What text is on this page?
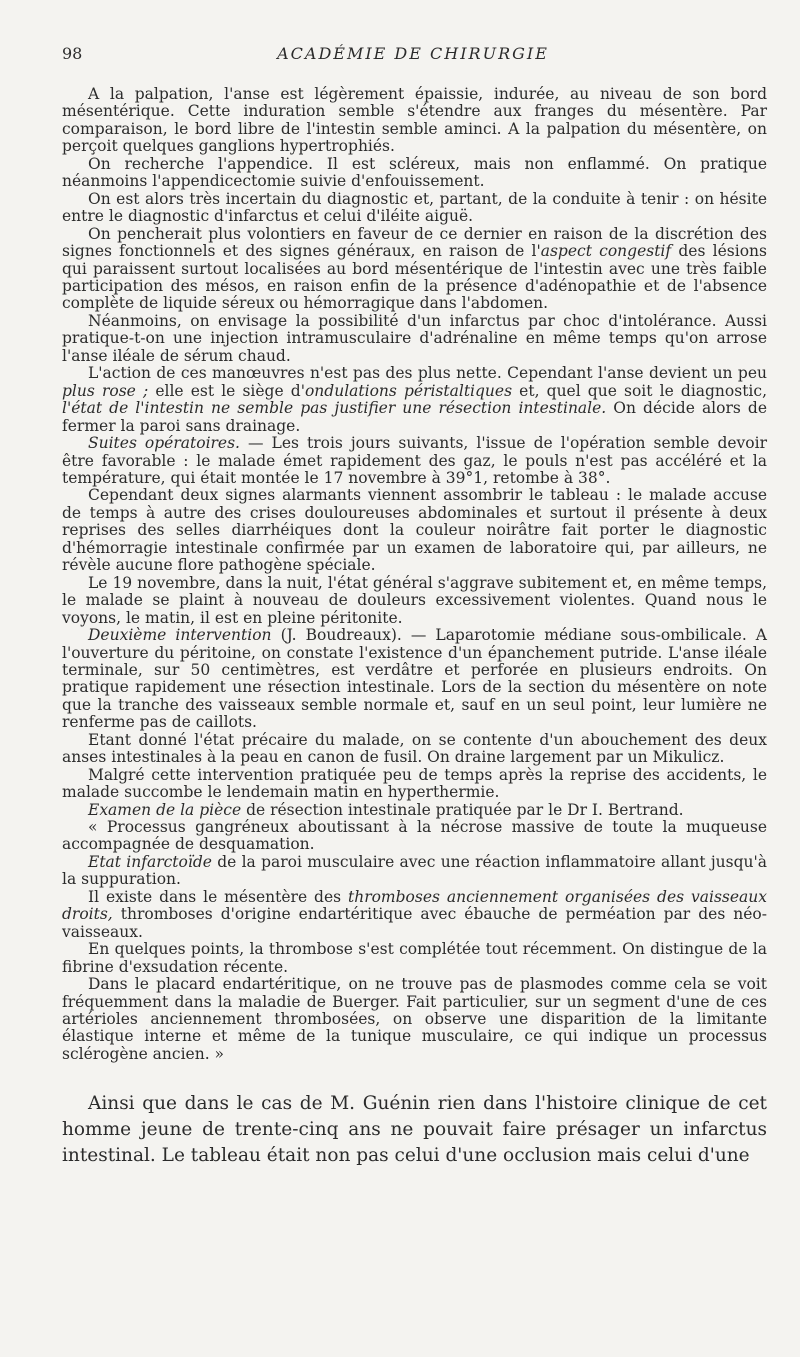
98	ACADÉMIE DE CHIRURGIE

A la palpation, l'anse est légèrement épaissie, indurée, au niveau de son bord mésentérique. Cette induration semble s'étendre aux franges du mésentère. Par comparaison, le bord libre de l'intestin semble aminci. A la palpation du mésentère, on perçoit quelques ganglions hypertrophiés.

On recherche l'appendice. Il est scléreux, mais non enflammé. On pratique néanmoins l'appendicectomie suivie d'enfouissement.

On est alors très incertain du diagnostic et, partant, de la conduite à tenir : on hésite entre le diagnostic d'infarctus et celui d'iléite aiguë.

On pencherait plus volontiers en faveur de ce dernier en raison de la discrétion des signes fonctionnels et des signes généraux, en raison de l'aspect congestif des lésions qui paraissent surtout localisées au bord mésentérique de l'intestin avec une très faible participation des mésos, en raison enfin de la présence d'adénopathie et de l'absence complète de liquide séreux ou hémorragique dans l'abdomen.

Néanmoins, on envisage la possibilité d'un infarctus par choc d'intolérance. Aussi pratique-t-on une injection intramusculaire d'adrénaline en même temps qu'on arrose l'anse iléale de sérum chaud.

L'action de ces manœuvres n'est pas des plus nette. Cependant l'anse devient un peu plus rose ; elle est le siège d'ondulations péristaltiques et, quel que soit le diagnostic, l'état de l'intestin ne semble pas justifier une résection intestinale. On décide alors de fermer la paroi sans drainage.

Suites opératoires. — Les trois jours suivants, l'issue de l'opération semble devoir être favorable : le malade émet rapidement des gaz, le pouls n'est pas accéléré et la température, qui était montée le 17 novembre à 39°1, retombe à 38°.

Cependant deux signes alarmants viennent assombrir le tableau : le malade accuse de temps à autre des crises douloureuses abdominales et surtout il présente à deux reprises des selles diarrhéiques dont la couleur noirâtre fait porter le diagnostic d'hémorragie intestinale confirmée par un examen de laboratoire qui, par ailleurs, ne révèle aucune flore pathogène spéciale.

Le 19 novembre, dans la nuit, l'état général s'aggrave subitement et, en même temps, le malade se plaint à nouveau de douleurs excessivement violentes. Quand nous le voyons, le matin, il est en pleine péritonite.

Deuxième intervention (J. Boudreaux). — Laparotomie médiane sous-ombilicale. A l'ouverture du péritoine, on constate l'existence d'un épanchement putride. L'anse iléale terminale, sur 50 centimètres, est verdâtre et perforée en plusieurs endroits. On pratique rapidement une résection intestinale. Lors de la section du mésentère on note que la tranche des vaisseaux semble normale et, sauf en un seul point, leur lumière ne renferme pas de caillots.

Etant donné l'état précaire du malade, on se contente d'un abouchement des deux anses intestinales à la peau en canon de fusil. On draine largement par un Mikulicz.

Malgré cette intervention pratiquée peu de temps après la reprise des accidents, le malade succombe le lendemain matin en hyperthermie.

Examen de la pièce de résection intestinale pratiquée par le Dr I. Bertrand.

« Processus gangréneux aboutissant à la nécrose massive de toute la muqueuse accompagnée de desquamation.

Etat infarctoïde de la paroi musculaire avec une réaction inflammatoire allant jusqu'à la suppuration.

Il existe dans le mésentère des thromboses anciennement organisées des vaisseaux droits, thromboses d'origine endartéritique avec ébauche de perméation par des néo-vaisseaux.

En quelques points, la thrombose s'est complétée tout récemment. On distingue de la fibrine d'exsudation récente.

Dans le placard endartéritique, on ne trouve pas de plasmodes comme cela se voit fréquemment dans la maladie de Buerger. Fait particulier, sur un segment d'une de ces artérioles anciennement thrombosées, on observe une disparition de la limitante élastique interne et même de la tunique musculaire, ce qui indique un processus sclérogène ancien. »

Ainsi que dans le cas de M. Guénin rien dans l'histoire clinique de cet homme jeune de trente-cinq ans ne pouvait faire présager un infarctus intestinal. Le tableau était non pas celui d'une occlusion mais celui d'une
